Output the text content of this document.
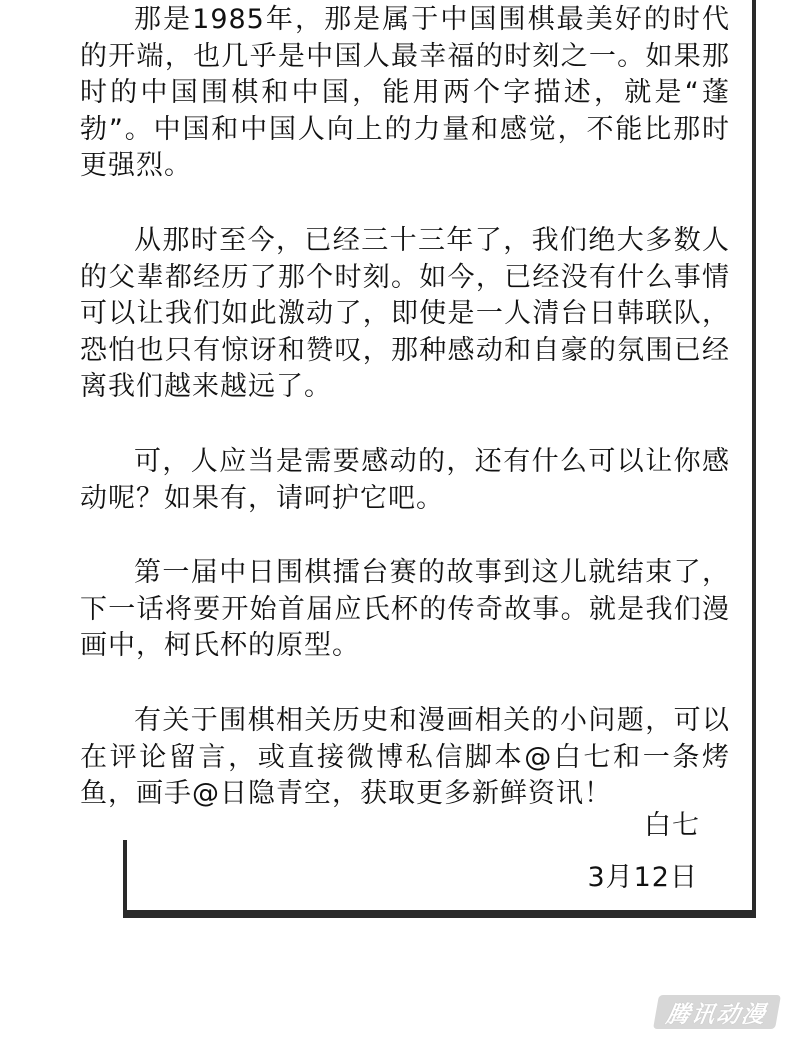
那是1985年，那是属于中国围棋最美好的时代的开端，也几乎是中国人最幸福的时刻之一。如果那时的中国围棋和中国，能用两个字描述，就是“蓬勃”。中国和中国人向上的力量和感觉，不能比那时更强烈。

从那时至今，已经三十三年了，我们绝大多数人的父辈都经历了那个时刻。如今，已经没有什么事情可以让我们如此激动了，即使是一人清台日韩联队，恐怕也只有惊讶和赞叹，那种感动和自豪的氛围已经离我们越来越远了。

可，人应当是需要感动的，还有什么可以让你感动呢？如果有，请呵护它吧。

第一届中日围棋擂台赛的故事到这儿就结束了，下一话将要开始首届应氏杯的传奇故事。就是我们漫画中，柯氏杯的原型。

有关于围棋相关历史和漫画相关的小问题，可以在评论留言，或直接微博私信脚本@白七和一条烤鱼，画手@日隐青空，获取更多新鲜资讯！

白七
3月12日
腾讯动漫
